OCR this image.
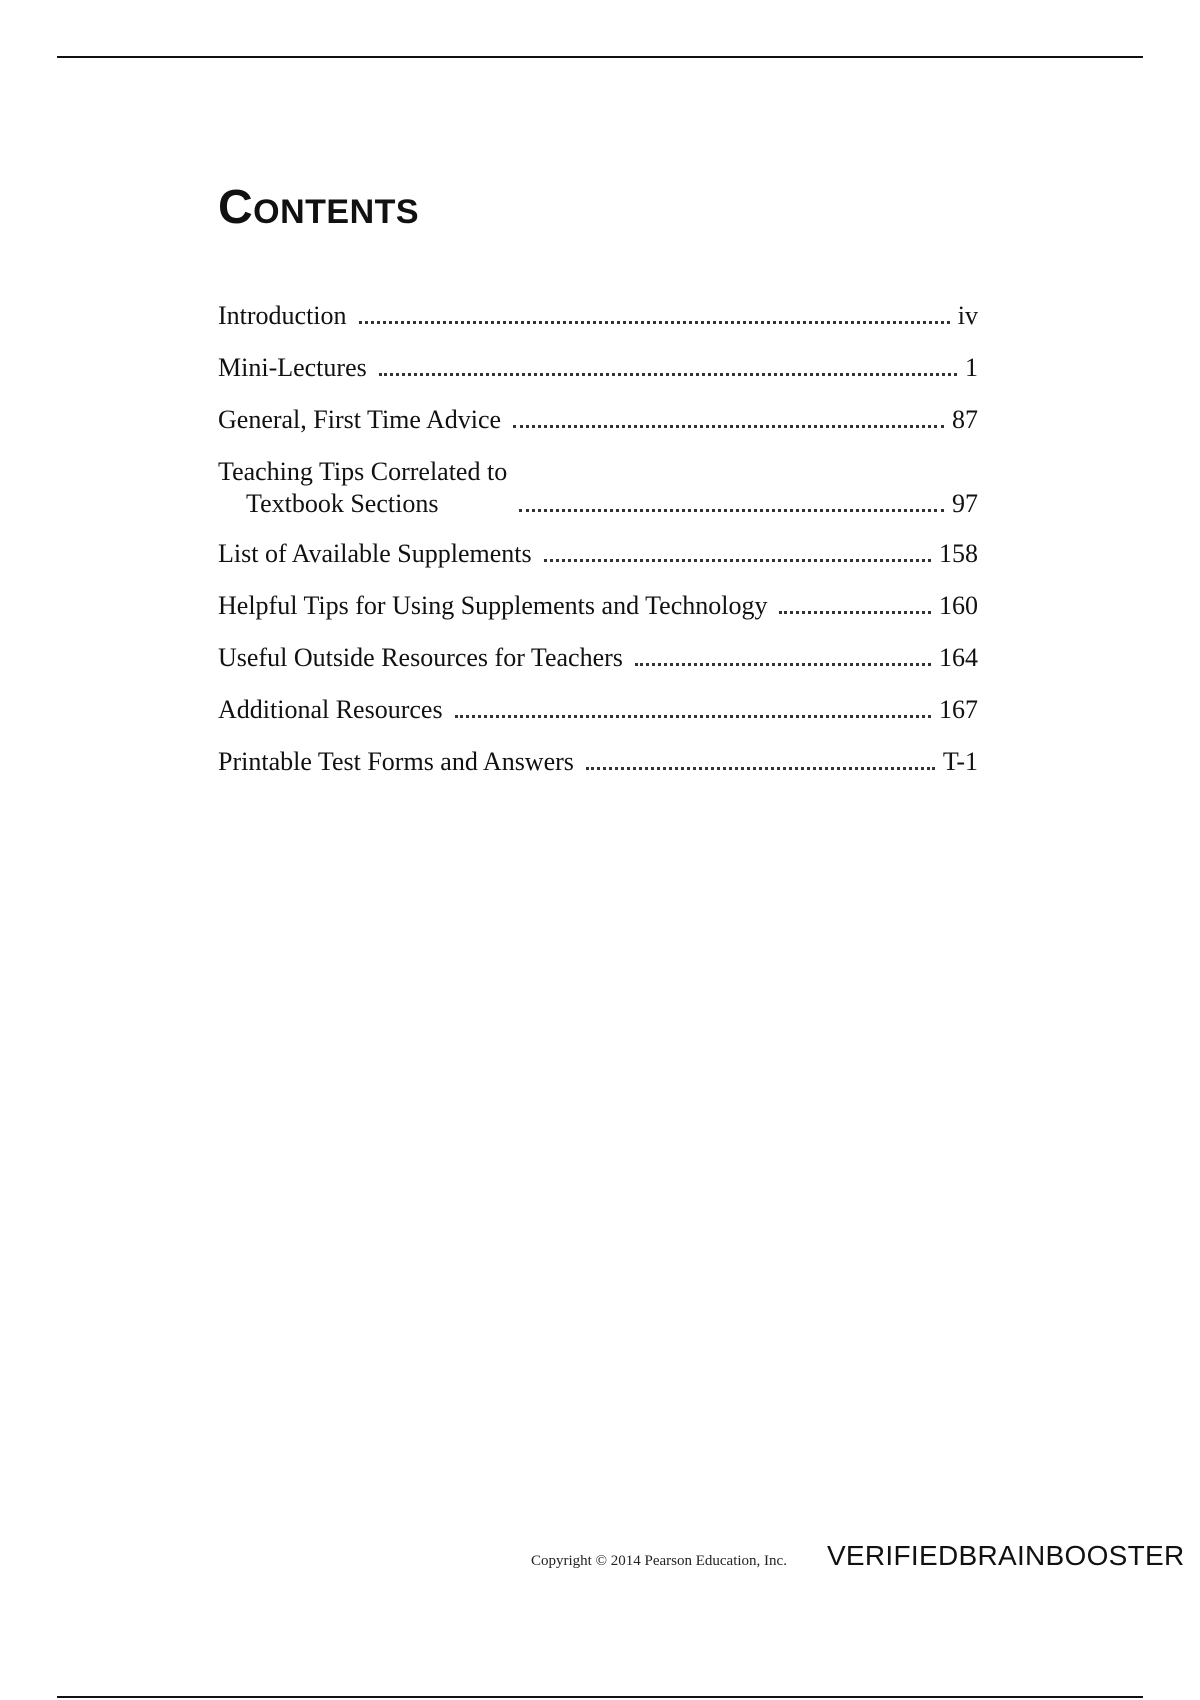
Contents
Introduction	iv
Mini-Lectures	1
General, First Time Advice	87
Teaching Tips Correlated to
Textbook Sections	97
List of Available Supplements	158
Helpful Tips for Using Supplements and Technology	160
Useful Outside Resources for Teachers	164
Additional Resources	167
Printable Test Forms and Answers	T-1
Copyright © 2014 Pearson Education, Inc. VERIFIEDBRAINBOOSTER
